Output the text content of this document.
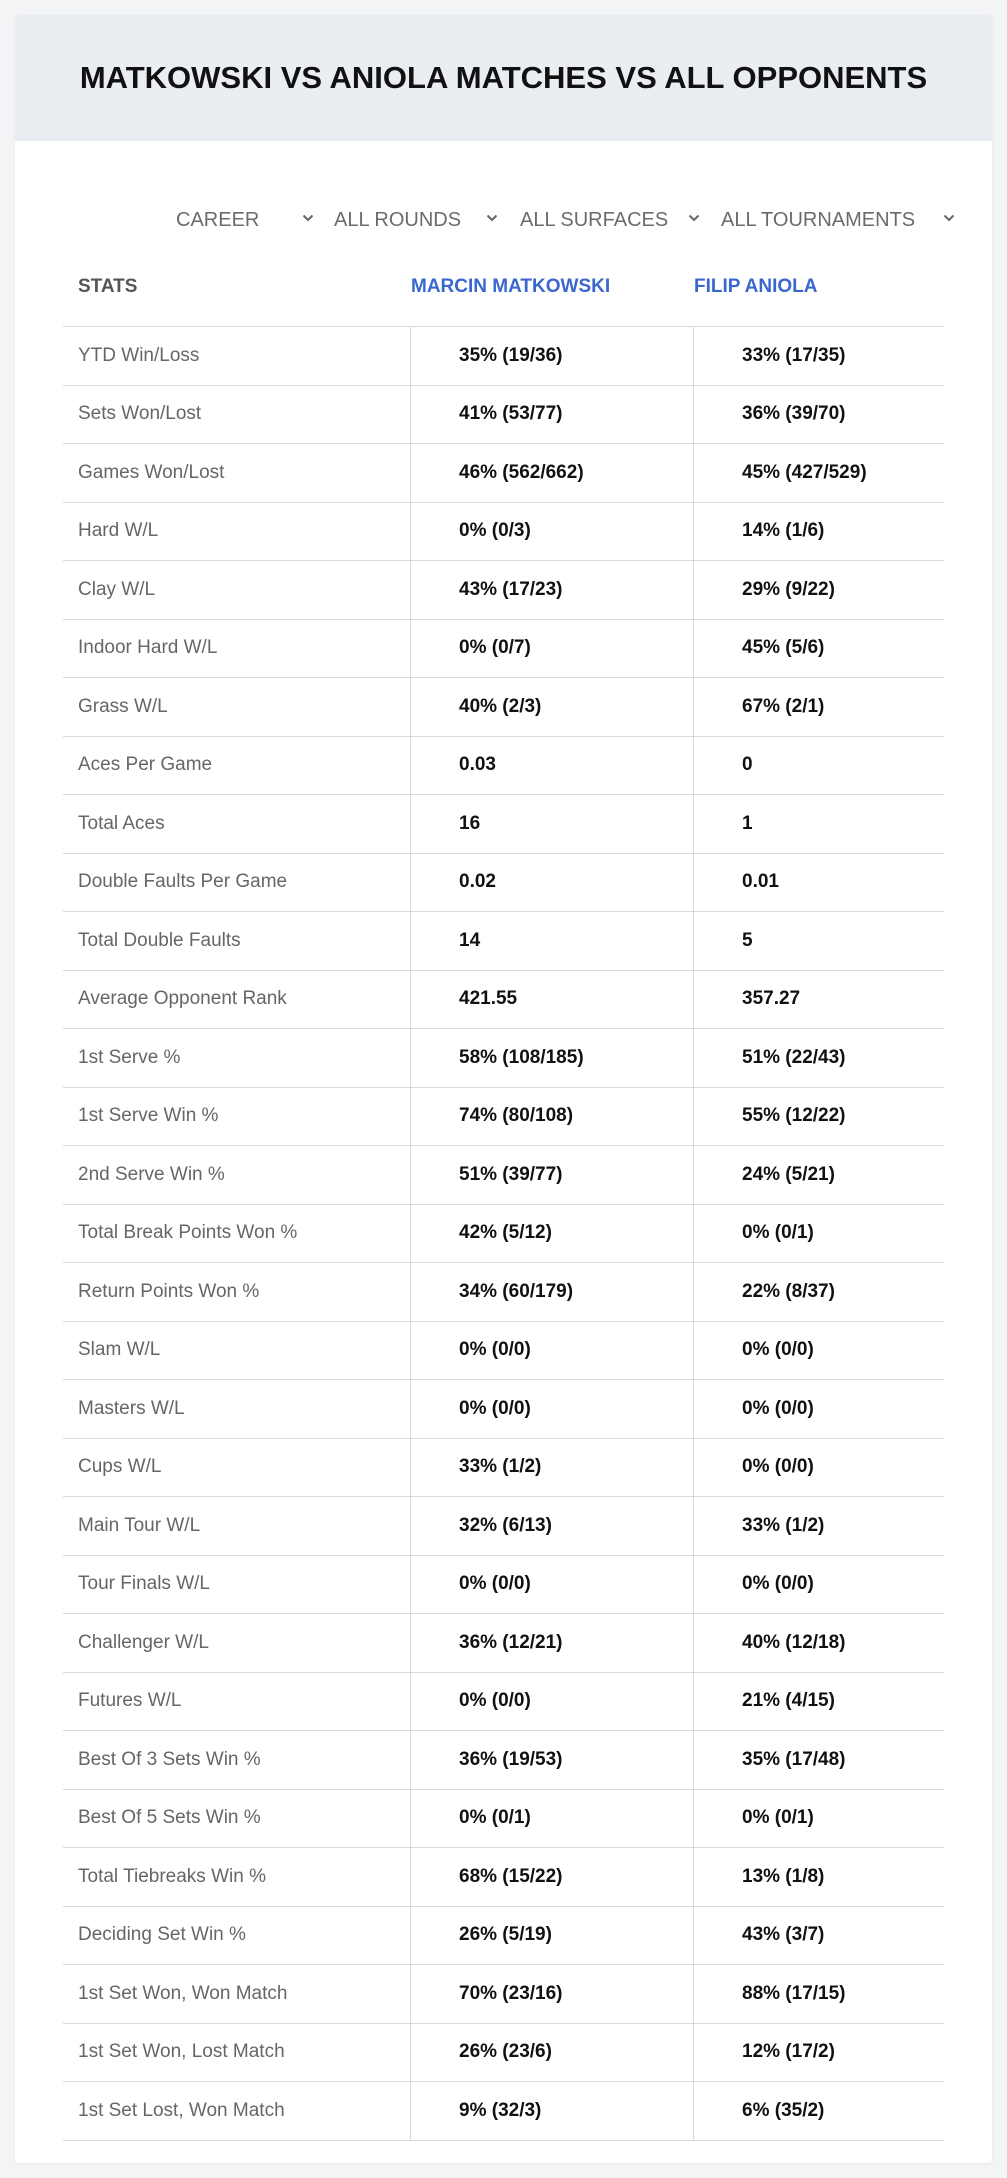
MATKOWSKI VS ANIOLA MATCHES VS ALL OPPONENTS
CAREER	ALL ROUNDS	ALL SURFACES	ALL TOURNAMENTS
STATS	MARCIN MATKOWSKI	FILIP ANIOLA
YTD Win/Loss	35% (19/36)	33% (17/35)
Sets Won/Lost	41% (53/77)	36% (39/70)
Games Won/Lost	46% (562/662)	45% (427/529)
Hard W/L	0% (0/3)	14% (1/6)
Clay W/L	43% (17/23)	29% (9/22)
Indoor Hard W/L	0% (0/7)	45% (5/6)
Grass W/L	40% (2/3)	67% (2/1)
Aces Per Game	0.03	0
Total Aces	16	1
Double Faults Per Game	0.02	0.01
Total Double Faults	14	5
Average Opponent Rank	421.55	357.27
1st Serve %	58% (108/185)	51% (22/43)
1st Serve Win %	74% (80/108)	55% (12/22)
2nd Serve Win %	51% (39/77)	24% (5/21)
Total Break Points Won %	42% (5/12)	0% (0/1)
Return Points Won %	34% (60/179)	22% (8/37)
Slam W/L	0% (0/0)	0% (0/0)
Masters W/L	0% (0/0)	0% (0/0)
Cups W/L	33% (1/2)	0% (0/0)
Main Tour W/L	32% (6/13)	33% (1/2)
Tour Finals W/L	0% (0/0)	0% (0/0)
Challenger W/L	36% (12/21)	40% (12/18)
Futures W/L	0% (0/0)	21% (4/15)
Best Of 3 Sets Win %	36% (19/53)	35% (17/48)
Best Of 5 Sets Win %	0% (0/1)	0% (0/1)
Total Tiebreaks Win %	68% (15/22)	13% (1/8)
Deciding Set Win %	26% (5/19)	43% (3/7)
1st Set Won, Won Match	70% (23/16)	88% (17/15)
1st Set Won, Lost Match	26% (23/6)	12% (17/2)
1st Set Lost, Won Match	9% (32/3)	6% (35/2)
